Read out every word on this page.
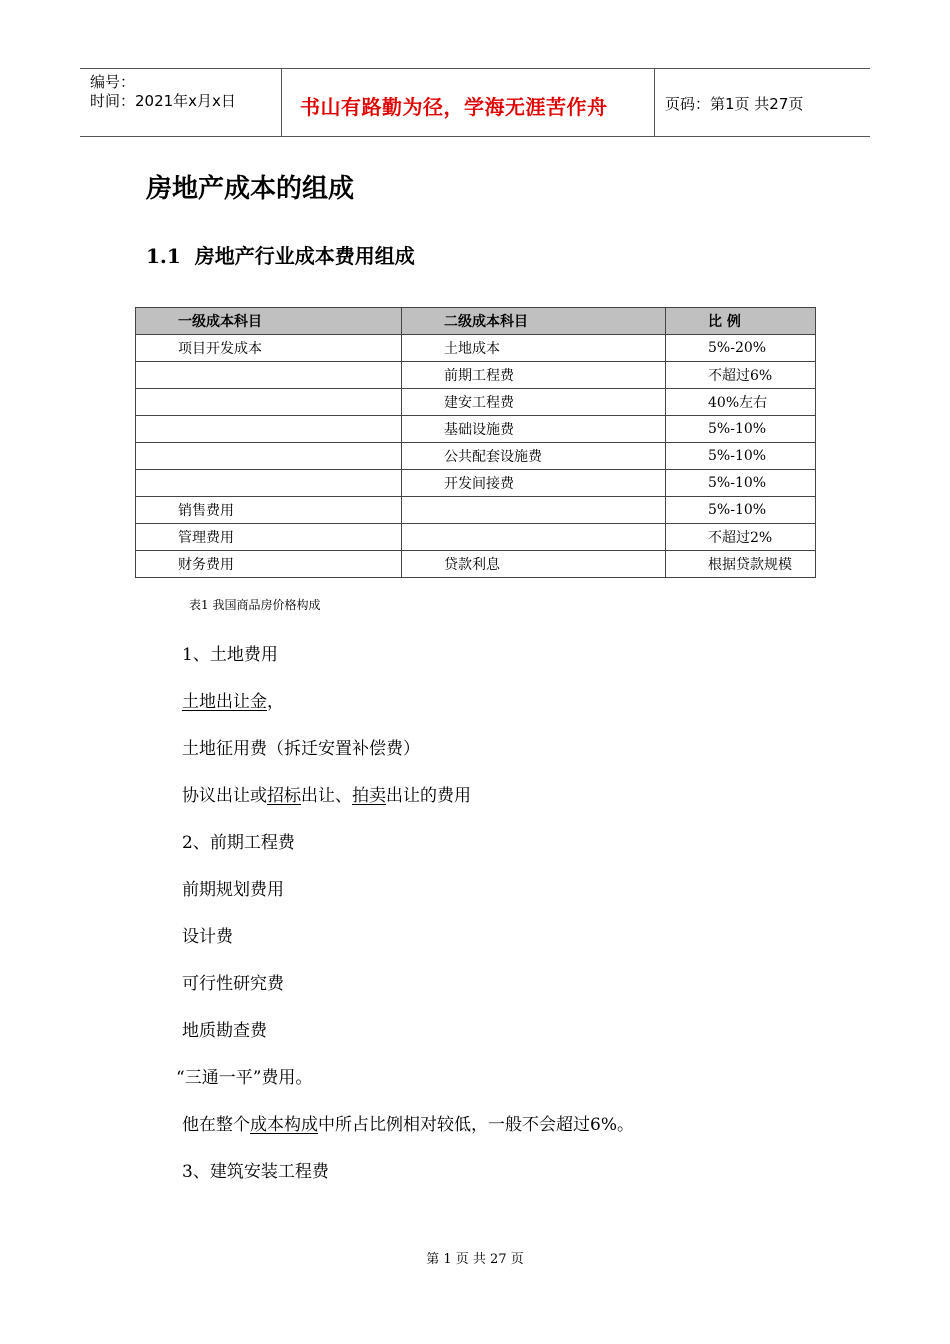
编号：
时间：2021年x月x日	书山有路勤为径，学海无涯苦作舟	页码：第1页 共27页
房地产成本的组成
1.1 房地产行业成本费用组成
一级成本科目	二级成本科目	比 例
项目开发成本	土地成本	5%-20%
	前期工程费	不超过6%
	建安工程费	40%左右
	基础设施费	5%-10%
	公共配套设施费	5%-10%
	开发间接费	5%-10%
销售费用		5%-10%
管理费用		不超过2%
财务费用	贷款利息	根据贷款规模
表1 我国商品房价格构成
1、土地费用
土地出让金，
土地征用费（拆迁安置补偿费）
协议出让或招标出让、拍卖出让的费用
2、前期工程费
前期规划费用
设计费
可行性研究费
地质勘查费
“三通一平”费用。
他在整个成本构成中所占比例相对较低，一般不会超过6%。
3、建筑安装工程费
第 1 页 共 27 页
